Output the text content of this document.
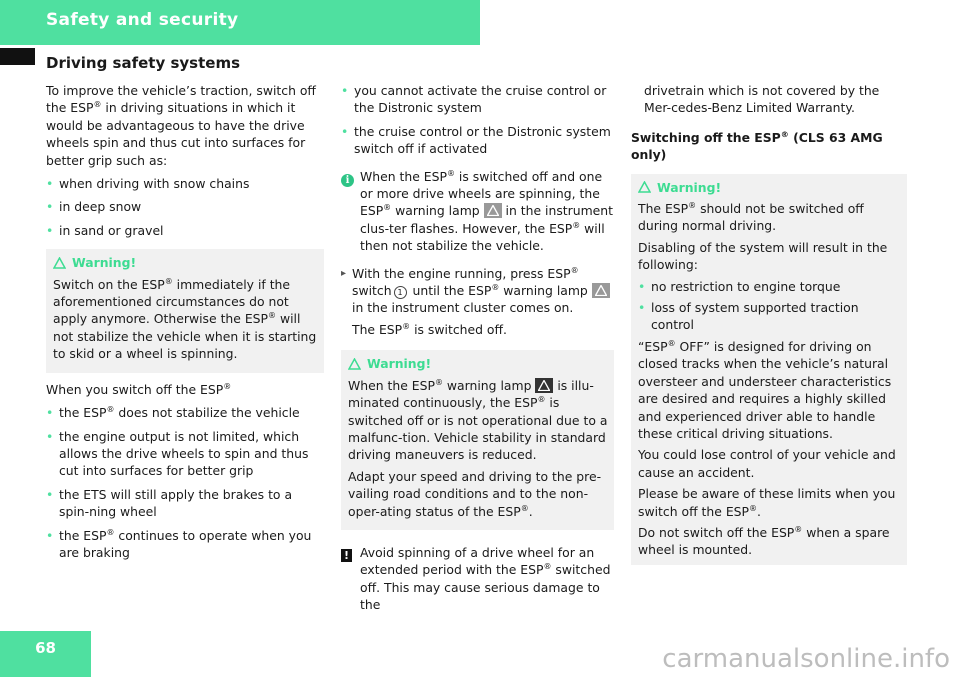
Safety and security
Driving safety systems

To improve the vehicle’s traction, switch off the ESP® in driving situations in which it would be advantageous to have the drive wheels spin and thus cut into surfaces for better grip such as:

• when driving with snow chains
• in deep snow
• in sand or gravel
Warning!

Switch on the ESP® immediately if the aforementioned circumstances do not apply anymore. Otherwise the ESP® will not stabilize the vehicle when it is starting to skid or a wheel is spinning.

When you switch off the ESP®

• the ESP® does not stabilize the vehicle
• the engine output is not limited, which allows the drive wheels to spin and thus cut into surfaces for better grip
• the ETS will still apply the brakes to a spin-ning wheel
• the ESP® continues to operate when you are braking
• you cannot activate the cruise control or the Distronic system
• the cruise control or the Distronic system switch off if activated
i When the ESP® is switched off and one or more drive wheels are spinning, the ESP® warning lamp
in the instrument clus-ter flashes. However, the ESP® will then not stabilize the vehicle.
▸ With the engine running, press ESP®
switch 1 until the ESP® warning lamp
in the instrument cluster comes on.

The ESP® is switched off.

Warning!

When the ESP® warning lamp
is illu-minated continuously, the ESP® is switched off or is not operational due to a malfunc-tion. Vehicle stability in standard driving maneuvers is reduced.

Adapt your speed and driving to the pre-vailing road conditions and to the non-oper-ating status of the ESP®.

! Avoid spinning of a drive wheel for an extended period with the ESP® switched off. This may cause serious damage to the

drivetrain which is not covered by the Mer-cedes-Benz Limited Warranty.

Switching off the ESP® (CLS 63 AMG only)

Warning!

The ESP® should not be switched off during normal driving.

Disabling of the system will result in the following:

• no restriction to engine torque
• loss of system supported traction control

“ESP® OFF” is designed for driving on closed tracks when the vehicle’s natural oversteer and understeer characteristics are desired and requires a highly skilled and experienced driver able to handle these critical driving situations.

You could lose control of your vehicle and cause an accident.

Please be aware of these limits when you switch off the ESP®.

Do not switch off the ESP® when a spare wheel is mounted.

68	carmanualsonline.info
